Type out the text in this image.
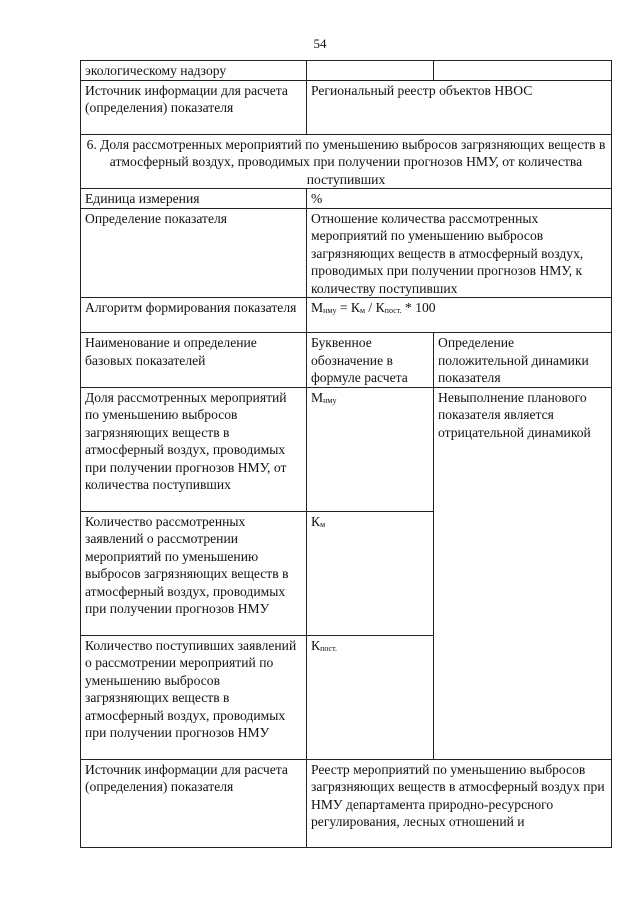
54
экологическому надзору		
Источник информации для расчета (определения) показателя	Региональный реестр объектов НВОС	
6. Доля рассмотренных мероприятий по уменьшению выбросов загрязняющих веществ в атмосферный воздух, проводимых при получении прогнозов НМУ, от количества поступивших		
Единица измерения	%	
Определение показателя	Отношение количества рассмотренных мероприятий по уменьшению выбросов загрязняющих веществ в атмосферный воздух, проводимых при получении прогнозов НМУ, к количеству поступивших	
Алгоритм формирования показателя	$М_{нму} = К_м / К_{пост.} * 100$	
Наименование и определение базовых показателей	Буквенное обозначение в формуле расчета	Определение положительной динамики показателя
Доля рассмотренных мероприятий по уменьшению выбросов загрязняющих веществ в атмосферный воздух, проводимых при получении прогнозов НМУ, от количества поступивших	$М_{нму}$	Невыполнение планового показателя является отрицательной динамикой
Количество рассмотренных заявлений о рассмотрении мероприятий по уменьшению выбросов загрязняющих веществ в атмосферный воздух, проводимых при получении прогнозов НМУ	$К_м$
Количество поступивших заявлений о рассмотрении мероприятий по уменьшению выбросов загрязняющих веществ в атмосферный воздух, проводимых при получении прогнозов НМУ	$К_{пост.}$
Источник информации для расчета (определения) показателя	Реестр мероприятий по уменьшению выбросов загрязняющих веществ в атмосферный воздух при НМУ департамента природно-ресурсного регулирования, лесных отношений и	
